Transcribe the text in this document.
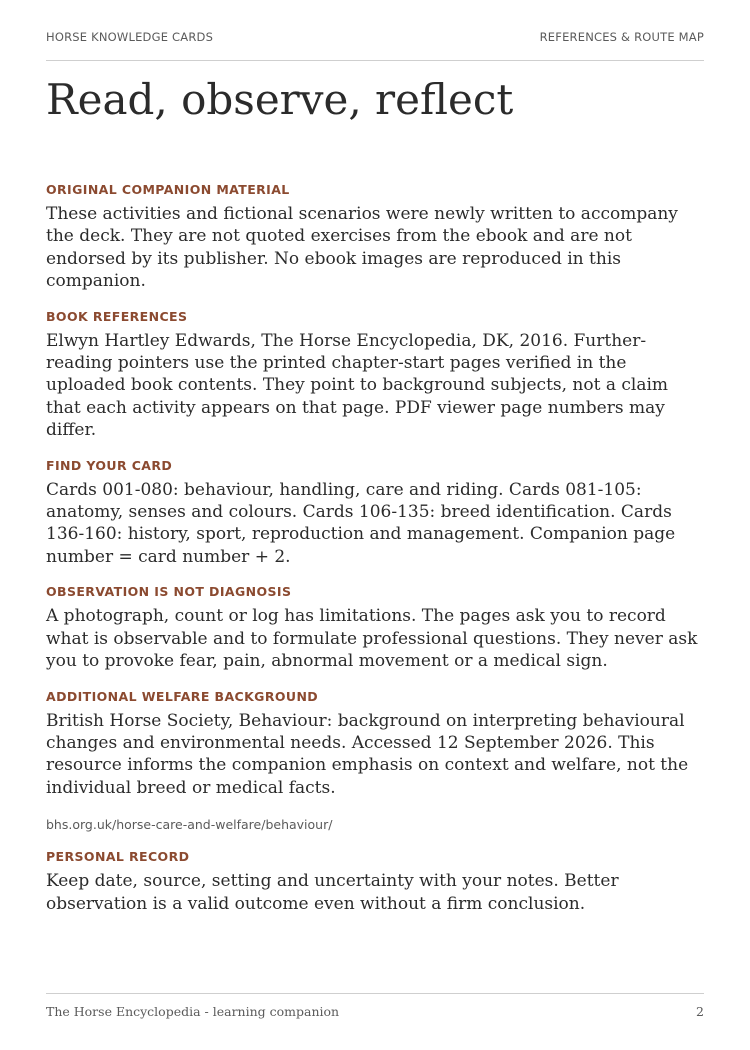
HORSE KNOWLEDGE CARDS	REFERENCES & ROUTE MAP
Read, observe, reflect

ORIGINAL COMPANION MATERIAL

These activities and fictional scenarios were newly written to accompany the deck. They are not quoted exercises from the ebook and are not endorsed by its publisher. No ebook images are reproduced in this companion.

BOOK REFERENCES

Elwyn Hartley Edwards, The Horse Encyclopedia, DK, 2016. Further-reading pointers use the printed chapter-start pages verified in the uploaded book contents. They point to background subjects, not a claim that each activity appears on that page. PDF viewer page numbers may differ.

FIND YOUR CARD

Cards 001-080: behaviour, handling, care and riding. Cards 081-105: anatomy, senses and colours. Cards 106-135: breed identification. Cards 136-160: history, sport, reproduction and management. Companion page number = card number + 2.

OBSERVATION IS NOT DIAGNOSIS

A photograph, count or log has limitations. The pages ask you to record what is observable and to formulate professional questions. They never ask you to provoke fear, pain, abnormal movement or a medical sign.

ADDITIONAL WELFARE BACKGROUND

British Horse Society, Behaviour: background on interpreting behavioural changes and environmental needs. Accessed 12 September 2026. This resource informs the companion emphasis on context and welfare, not the individual breed or medical facts.

bhs.org.uk/horse-care-and-welfare/behaviour/

PERSONAL RECORD

Keep date, source, setting and uncertainty with your notes. Better observation is a valid outcome even without a firm conclusion.

The Horse Encyclopedia - learning companion	2
